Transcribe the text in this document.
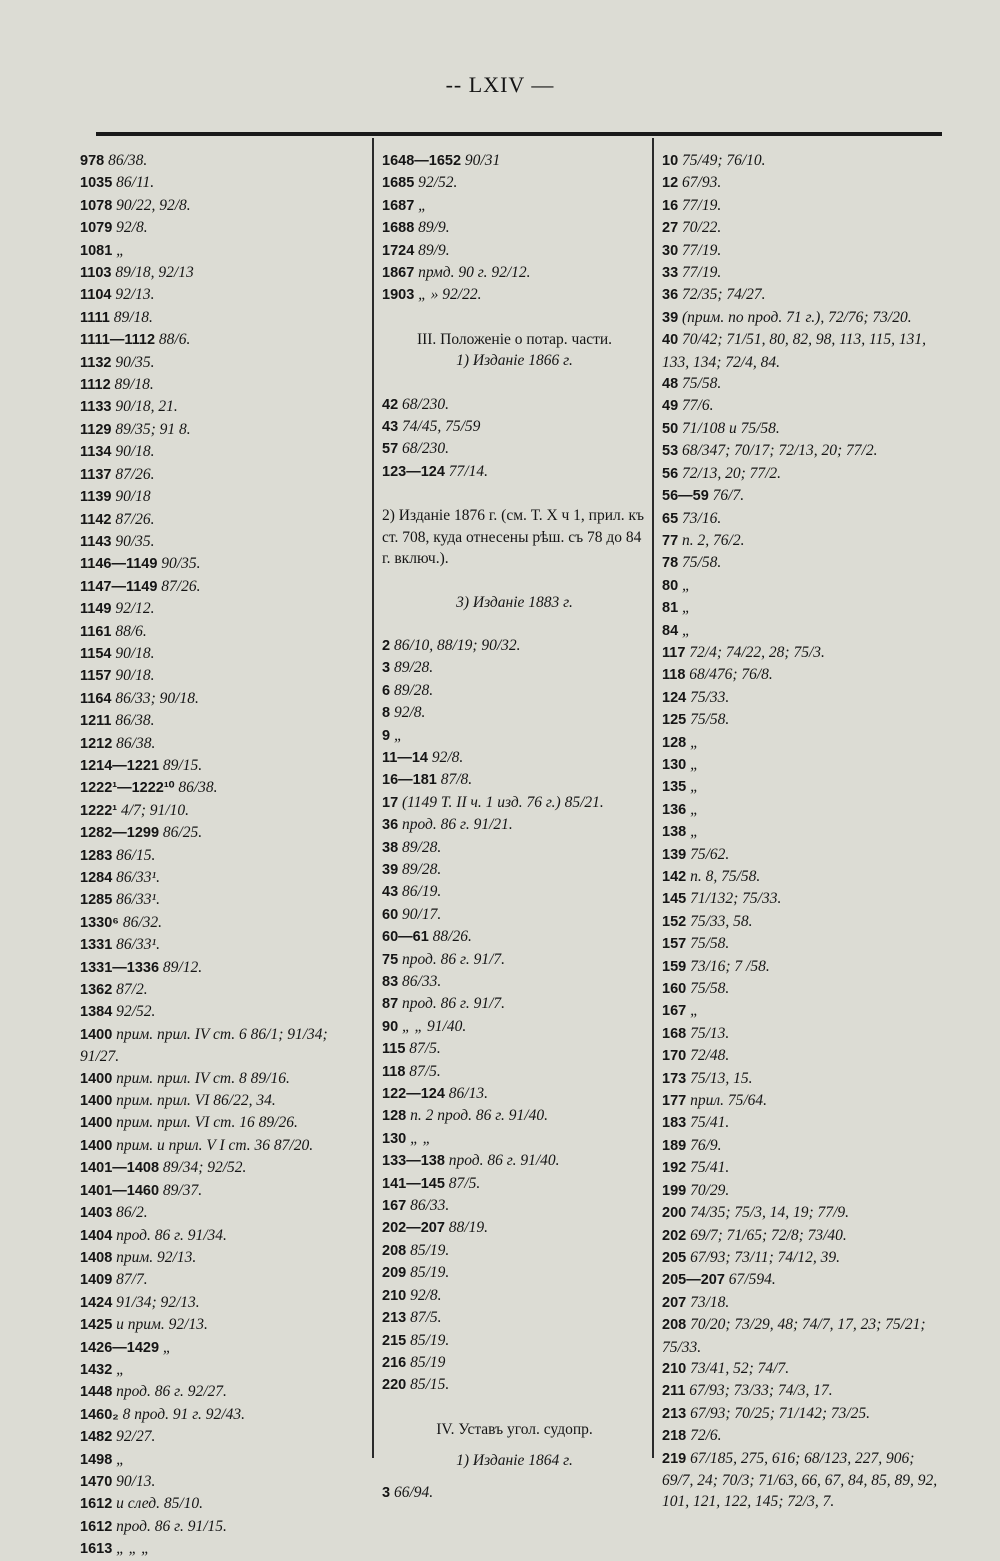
-- LXIV —
978 86/38.
1035 86/11.
1078 90/22, 92/8.
1079 92/8.
1081 „
1103 89/18, 92/13
1104 92/13.
1111 89/18.
1111—1112 88/6.
1132 90/35.
1112 89/18.
1133 90/18, 21.
1129 89/35; 91 8.
1134 90/18.
1137 87/26.
1139 90/18
1142 87/26.
1143 90/35.
1146—1149 90/35.
1147—1149 87/26.
1149 92/12.
1161 88/6.
1154 90/18.
1157 90/18.
1164 86/33; 90/18.
1211 86/38.
1212 86/38.
1214—1221 89/15.
1222¹—1222¹⁰ 86/38.
1222¹ 4/7; 91/10.
1282—1299 86/25.
1283 86/15.
1284 86/33¹.
1285 86/33¹.
1330⁶ 86/32.
1331 86/33¹.
1331—1336 89/12.
1362 87/2.
1384 92/52.
1400 прим. прил. IV ст. 6 86/1; 91/34; 91/27.
1400 прим. прил. IV ст. 8 89/16.
1400 прим. прил. VI 86/22, 34.
1400 прим. прил. VI ст. 16 89/26.
1400 прим. и прил. V I ст. 36 87/20.
1401—1408 89/34; 92/52.
1401—1460 89/37.
1403 86/2.
1404 прод. 86 г. 91/34.
1408 прим. 92/13.
1409 87/7.
1424 91/34; 92/13.
1425 и прим. 92/13.
1426—1429 „
1432 „
1448 прод. 86 г. 92/27.
1460₂ 8 прод. 91 г. 92/43.
1482 92/27.
1498 „
1470 90/13.
1612 и след. 85/10.
1612 прод. 86 г. 91/15.
1613 „ „ „
1648—1652 90/31
1685 92/52.
1687 „
1688 89/9.
1724 89/9.
1867 прмд. 90 г. 92/12.
1903 „ » 92/22.
III. Положеніе о потар. части.
1) Изданіе 1866 г.
42 68/230.
43 74/45, 75/59
57 68/230.
123—124 77/14.
2) Изданіе 1876 г. (см. Т. X ч 1, прил. къ ст. 708, куда отнесены рѣш. съ 78 до 84 г. включ.).
3) Изданіе 1883 г.
2 86/10, 88/19; 90/32.
3 89/28.
6 89/28.
8 92/8.
9 „
11—14 92/8.
16—181 87/8.
17 (1149 Т. II ч. 1 изд. 76 г.) 85/21.
36 прод. 86 г. 91/21.
38 89/28.
39 89/28.
43 86/19.
60 90/17.
60—61 88/26.
75 прод. 86 г. 91/7.
83 86/33.
87 прод. 86 г. 91/7.
90 „ „ 91/40.
115 87/5.
118 87/5.
122—124 86/13.
128 п. 2 прод. 86 г. 91/40.
130 „ „
133—138 прод. 86 г. 91/40.
141—145 87/5.
167 86/33.
202—207 88/19.
208 85/19.
209 85/19.
210 92/8.
213 87/5.
215 85/19.
216 85/19
220 85/15.
IV. Уставъ угол. судопр.
1) Изданіе 1864 г.
3 66/94.
10 75/49; 76/10.
12 67/93.
16 77/19.
27 70/22.
30 77/19.
33 77/19.
36 72/35; 74/27.
39 (прим. по прод. 71 г.), 72/76; 73/20.
40 70/42; 71/51, 80, 82, 98, 113, 115, 131, 133, 134; 72/4, 84.
48 75/58.
49 77/6.
50 71/108 и 75/58.
53 68/347; 70/17; 72/13, 20; 77/2.
56 72/13, 20; 77/2.
56—59 76/7.
65 73/16.
77 п. 2, 76/2.
78 75/58.
80 „
81 „
84 „
117 72/4; 74/22, 28; 75/3.
118 68/476; 76/8.
124 75/33.
125 75/58.
128 „
130 „
135 „
136 „
138 „
139 75/62.
142 п. 8, 75/58.
145 71/132; 75/33.
152 75/33, 58.
157 75/58.
159 73/16; 7 /58.
160 75/58.
167 „
168 75/13.
170 72/48.
173 75/13, 15.
177 прил. 75/64.
183 75/41.
189 76/9.
192 75/41.
199 70/29.
200 74/35; 75/3, 14, 19; 77/9.
202 69/7; 71/65; 72/8; 73/40.
205 67/93; 73/11; 74/12, 39.
205—207 67/594.
207 73/18.
208 70/20; 73/29, 48; 74/7, 17, 23; 75/21; 75/33.
210 73/41, 52; 74/7.
211 67/93; 73/33; 74/3, 17.
213 67/93; 70/25; 71/142; 73/25.
218 72/6.
219 67/185, 275, 616; 68/123, 227, 906; 69/7, 24; 70/3; 71/63, 66, 67, 84, 85, 89, 92, 101, 121, 122, 145; 72/3, 7.
